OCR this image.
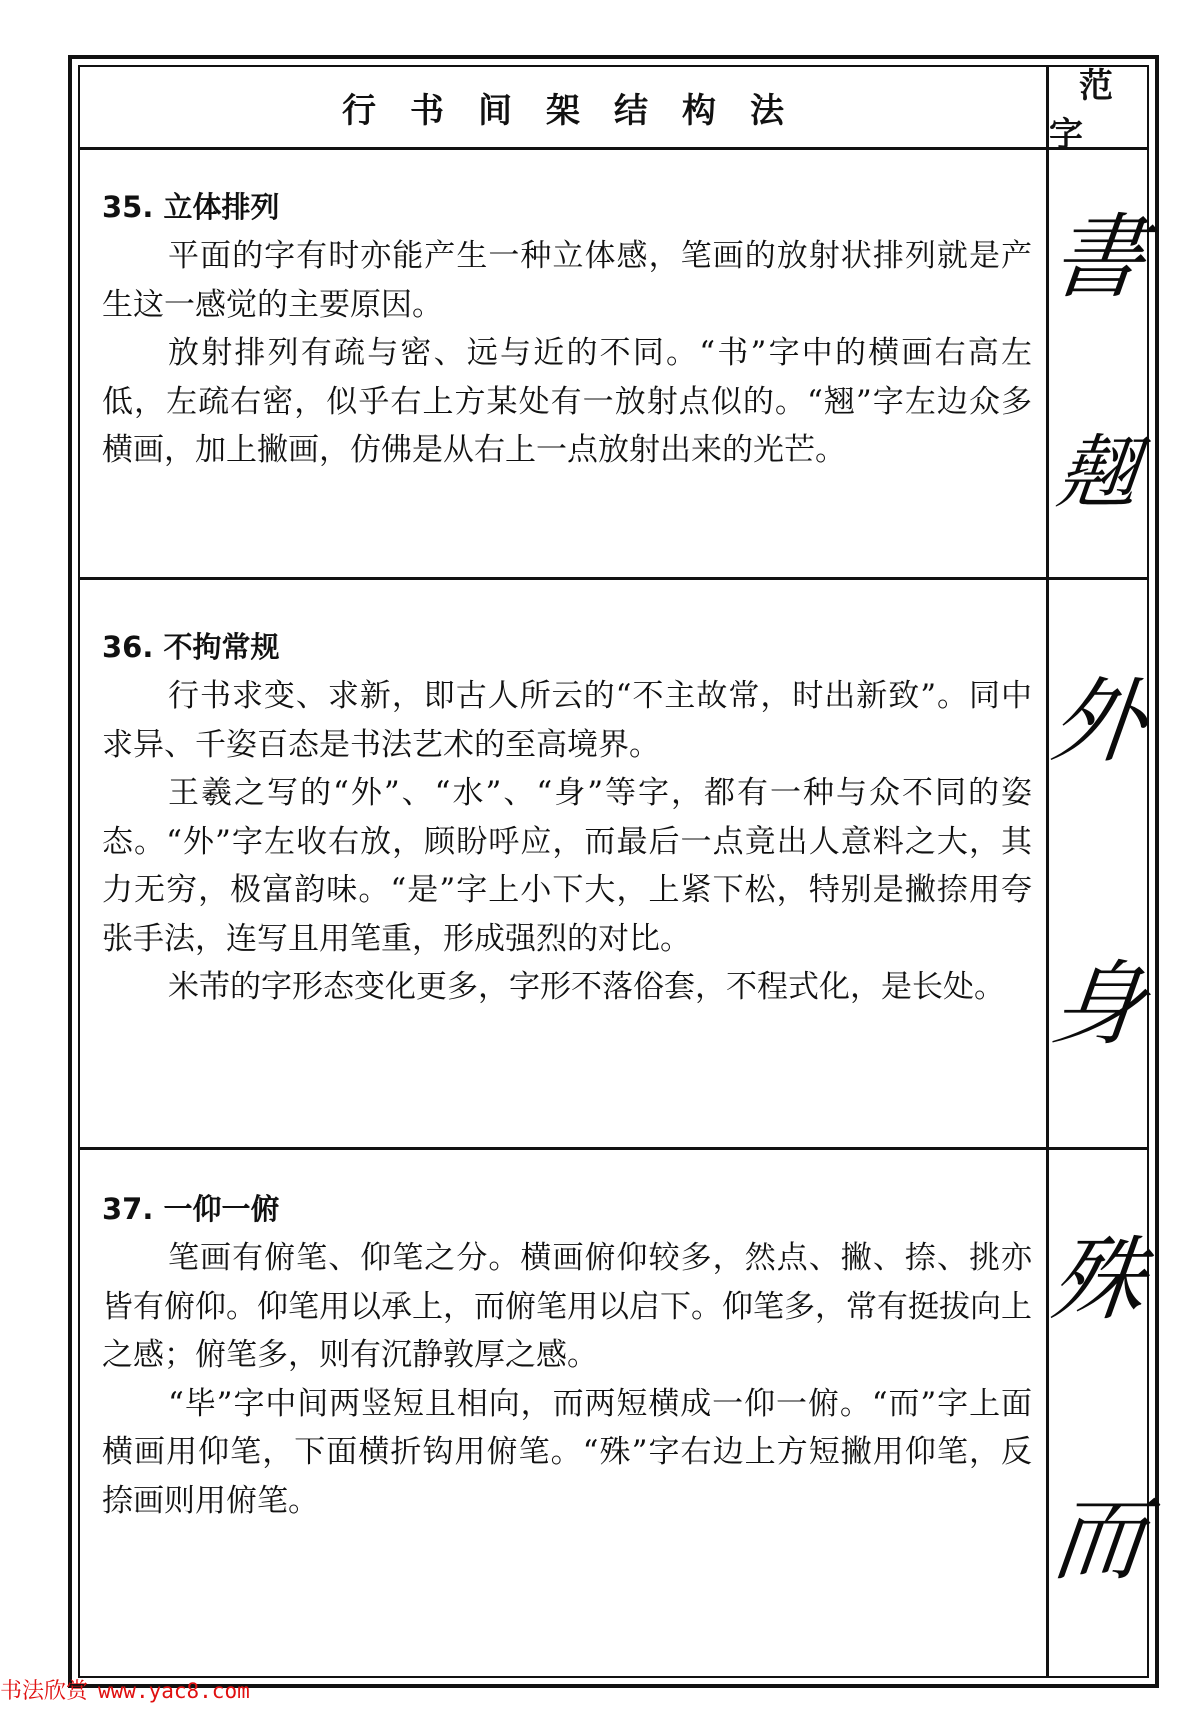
行书间架结构法
范字

35. 立体排列

平面的字有时亦能产生一种立体感，笔画的放射状排列就是产生这一感觉的主要原因。

放射排列有疏与密、远与近的不同。“书”字中的横画右高左低，左疏右密，似乎右上方某处有一放射点似的。“翘”字左边众多横画，加上撇画，仿佛是从右上一点放射出来的光芒。

書
翹

36. 不拘常规

行书求变、求新，即古人所云的“不主故常，时出新致”。同中求异、千姿百态是书法艺术的至高境界。

王羲之写的“外”、“水”、“身”等字，都有一种与众不同的姿态。“外”字左收右放，顾盼呼应，而最后一点竟出人意料之大，其力无穷，极富韵味。“是”字上小下大，上紧下松，特别是撇捺用夸张手法，连写且用笔重，形成强烈的对比。

米芾的字形态变化更多，字形不落俗套，不程式化，是长处。

外
身

37. 一仰一俯

笔画有俯笔、仰笔之分。横画俯仰较多，然点、撇、捺、挑亦皆有俯仰。仰笔用以承上，而俯笔用以启下。仰笔多，常有挺拔向上之感；俯笔多，则有沉静敦厚之感。

“毕”字中间两竖短且相向，而两短横成一仰一俯。“而”字上面横画用仰笔，下面横折钩用俯笔。“殊”字右边上方短撇用仰笔，反捺画则用俯笔。

殊
而
书法欣赏 www.yac8.com
